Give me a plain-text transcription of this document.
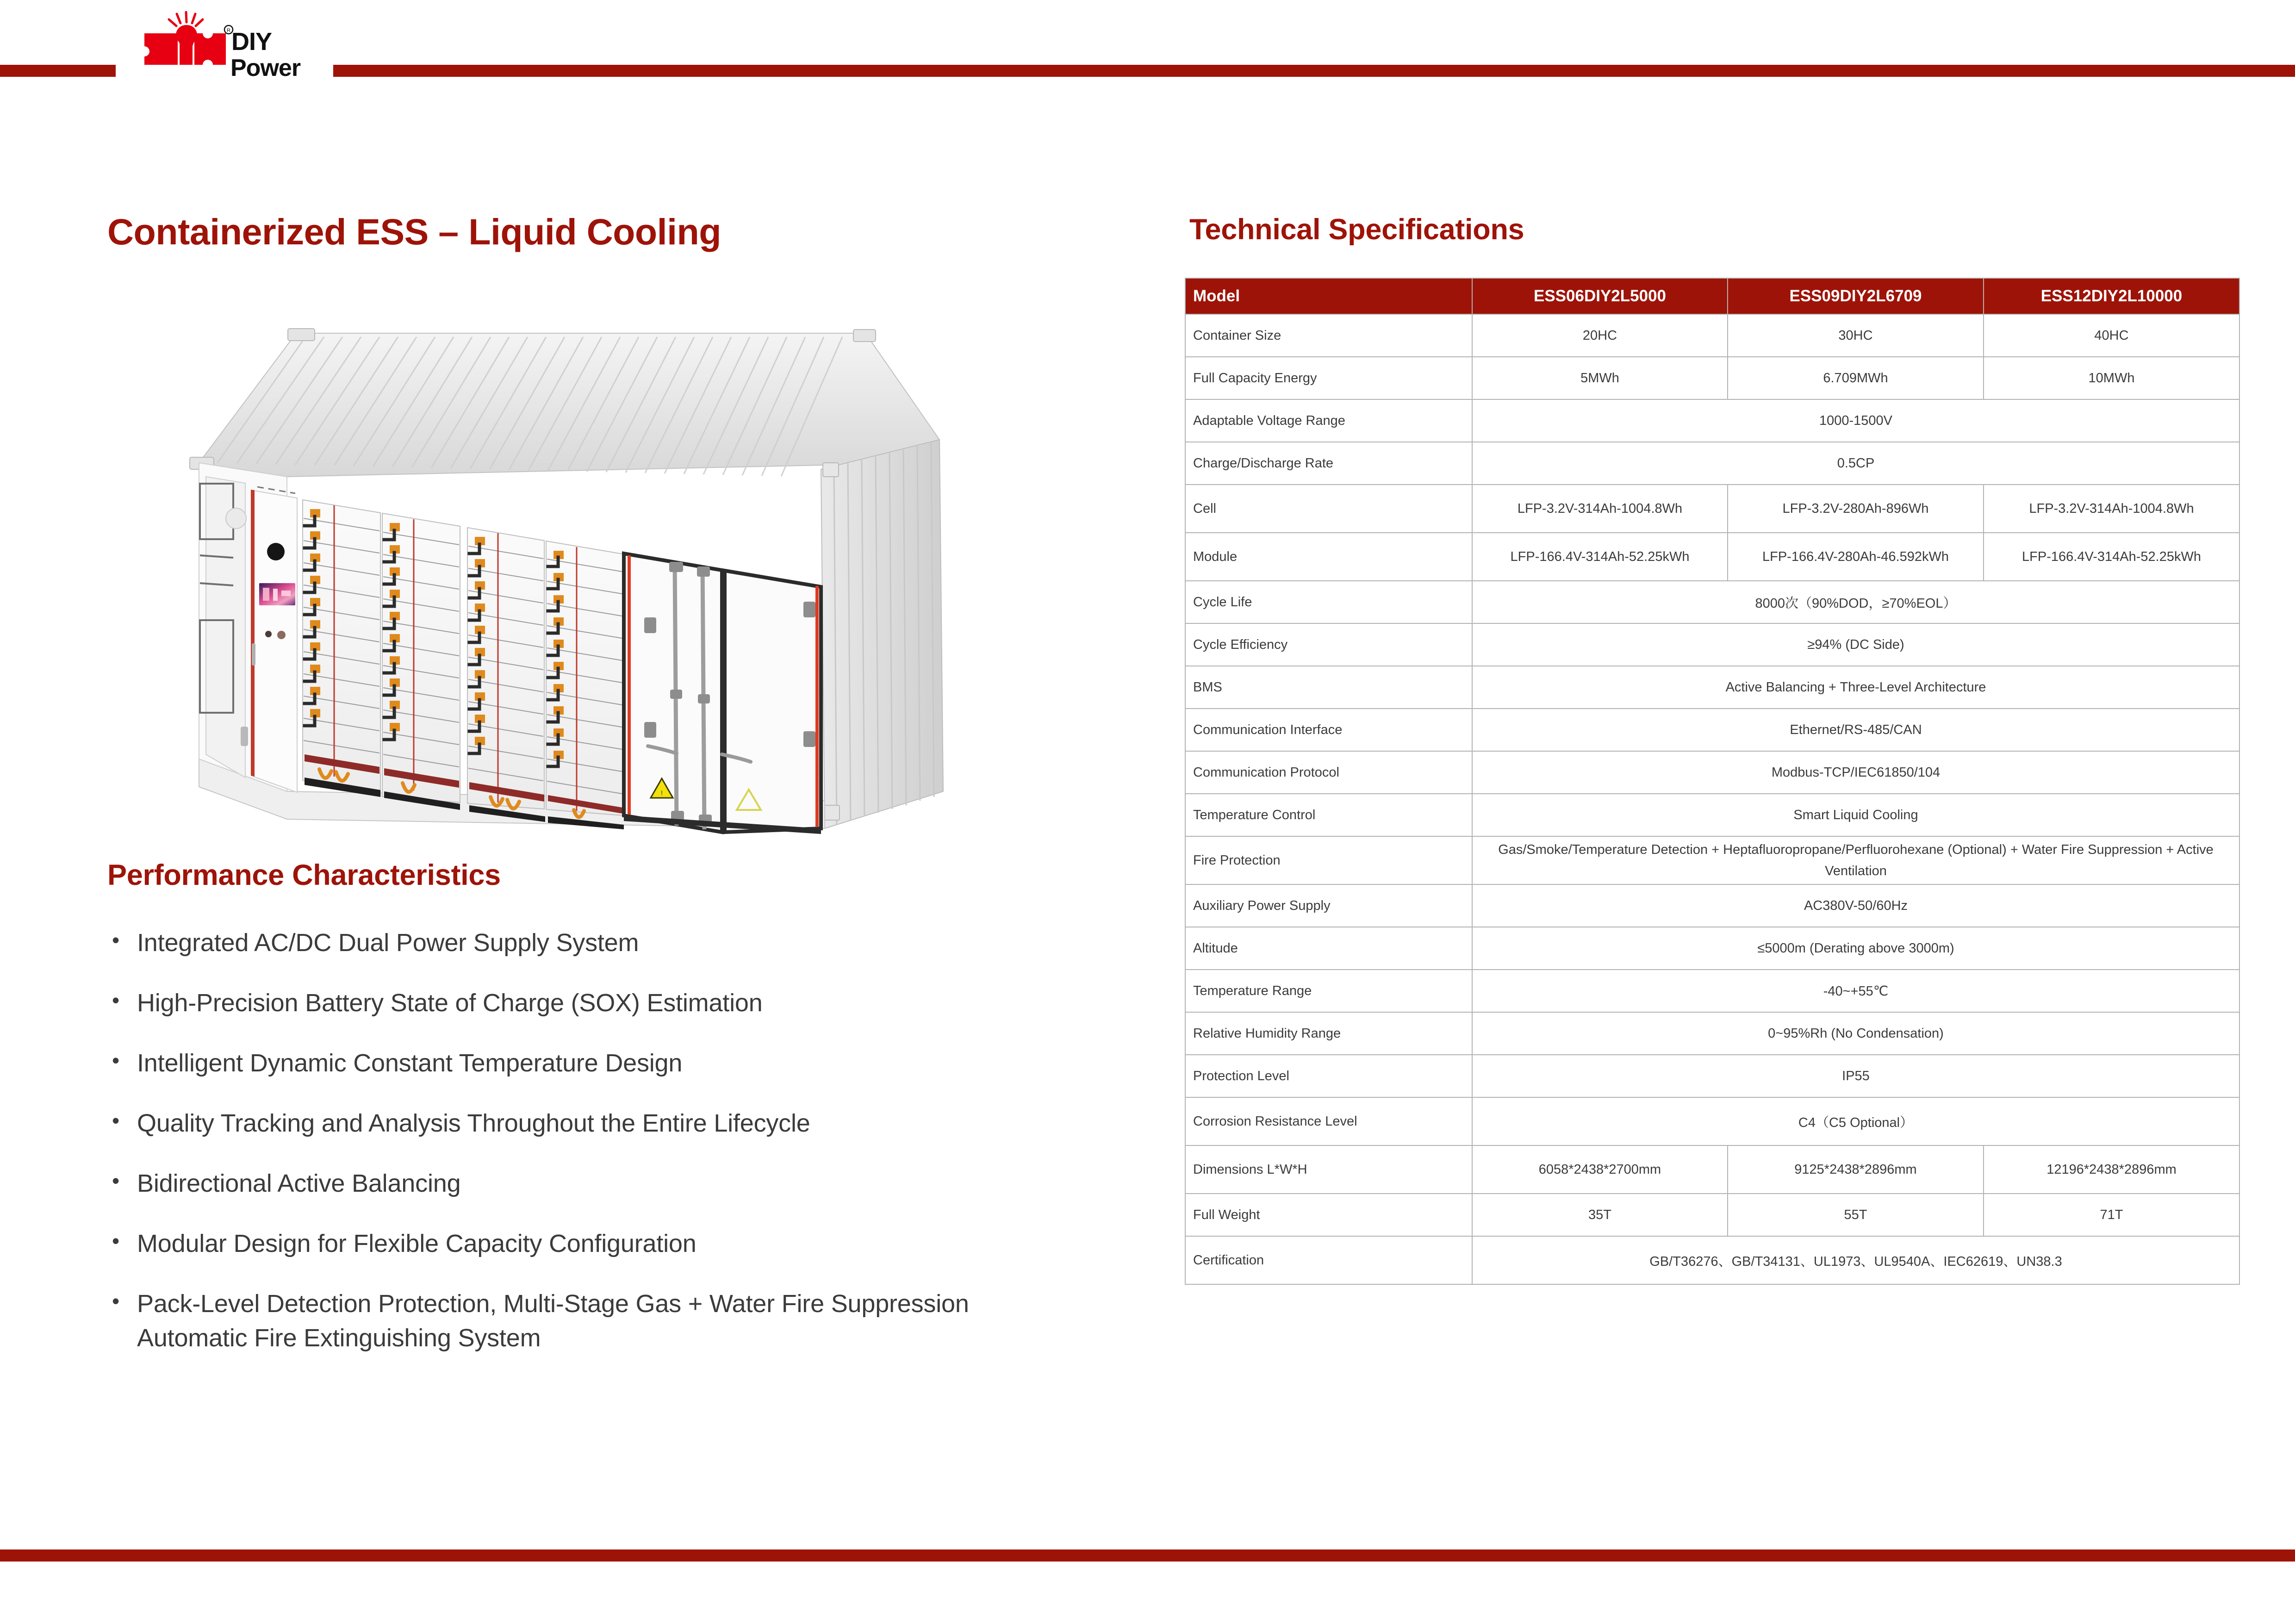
DIY
R
Power
Containerized ESS – Liquid Cooling
!
Performance Characteristics
• Integrated AC/DC Dual Power Supply System
• High-Precision Battery State of Charge (SOX) Estimation
• Intelligent Dynamic Constant Temperature Design
• Quality Tracking and Analysis Throughout the Entire Lifecycle
• Bidirectional Active Balancing
• Modular Design for Flexible Capacity Configuration
• Pack-Level Detection Protection, Multi-Stage Gas + Water Fire Suppression Automatic Fire Extinguishing System
Technical Specifications
Model	ESS06DIY2L5000	ESS09DIY2L6709	ESS12DIY2L10000
Container Size	20HC	30HC	40HC
Full Capacity Energy	5MWh	6.709MWh	10MWh
Adaptable Voltage Range	1000-1500V		
Charge/Discharge Rate	0.5CP		
Cell	LFP-3.2V-314Ah-1004.8Wh	LFP-3.2V-280Ah-896Wh	LFP-3.2V-314Ah-1004.8Wh
Module	LFP-166.4V-314Ah-52.25kWh	LFP-166.4V-280Ah-46.592kWh	LFP-166.4V-314Ah-52.25kWh
Cycle Life	8000次（90%DOD，≥70%EOL）		
Cycle Efficiency	≥94% (DC Side)		
BMS	Active Balancing + Three-Level Architecture		
Communication Interface	Ethernet/RS-485/CAN		
Communication Protocol	Modbus-TCP/IEC61850/104		
Temperature Control	Smart Liquid Cooling		
Fire Protection	Gas/Smoke/Temperature Detection + Heptafluoropropane/Perfluorohexane (Optional) + Water Fire Suppression + Active Ventilation		
Auxiliary Power Supply	AC380V-50/60Hz		
Altitude	≤5000m (Derating above 3000m)		
Temperature Range	-40~+55℃		
Relative Humidity Range	0~95%Rh (No Condensation)		
Protection Level	IP55		
Corrosion Resistance Level	C4（C5 Optional）		
Dimensions L*W*H	6058*2438*2700mm	9125*2438*2896mm	12196*2438*2896mm
Full Weight	35T	55T	71T
Certification	GB/T36276、GB/T34131、UL1973、UL9540A、IEC62619、UN38.3		
